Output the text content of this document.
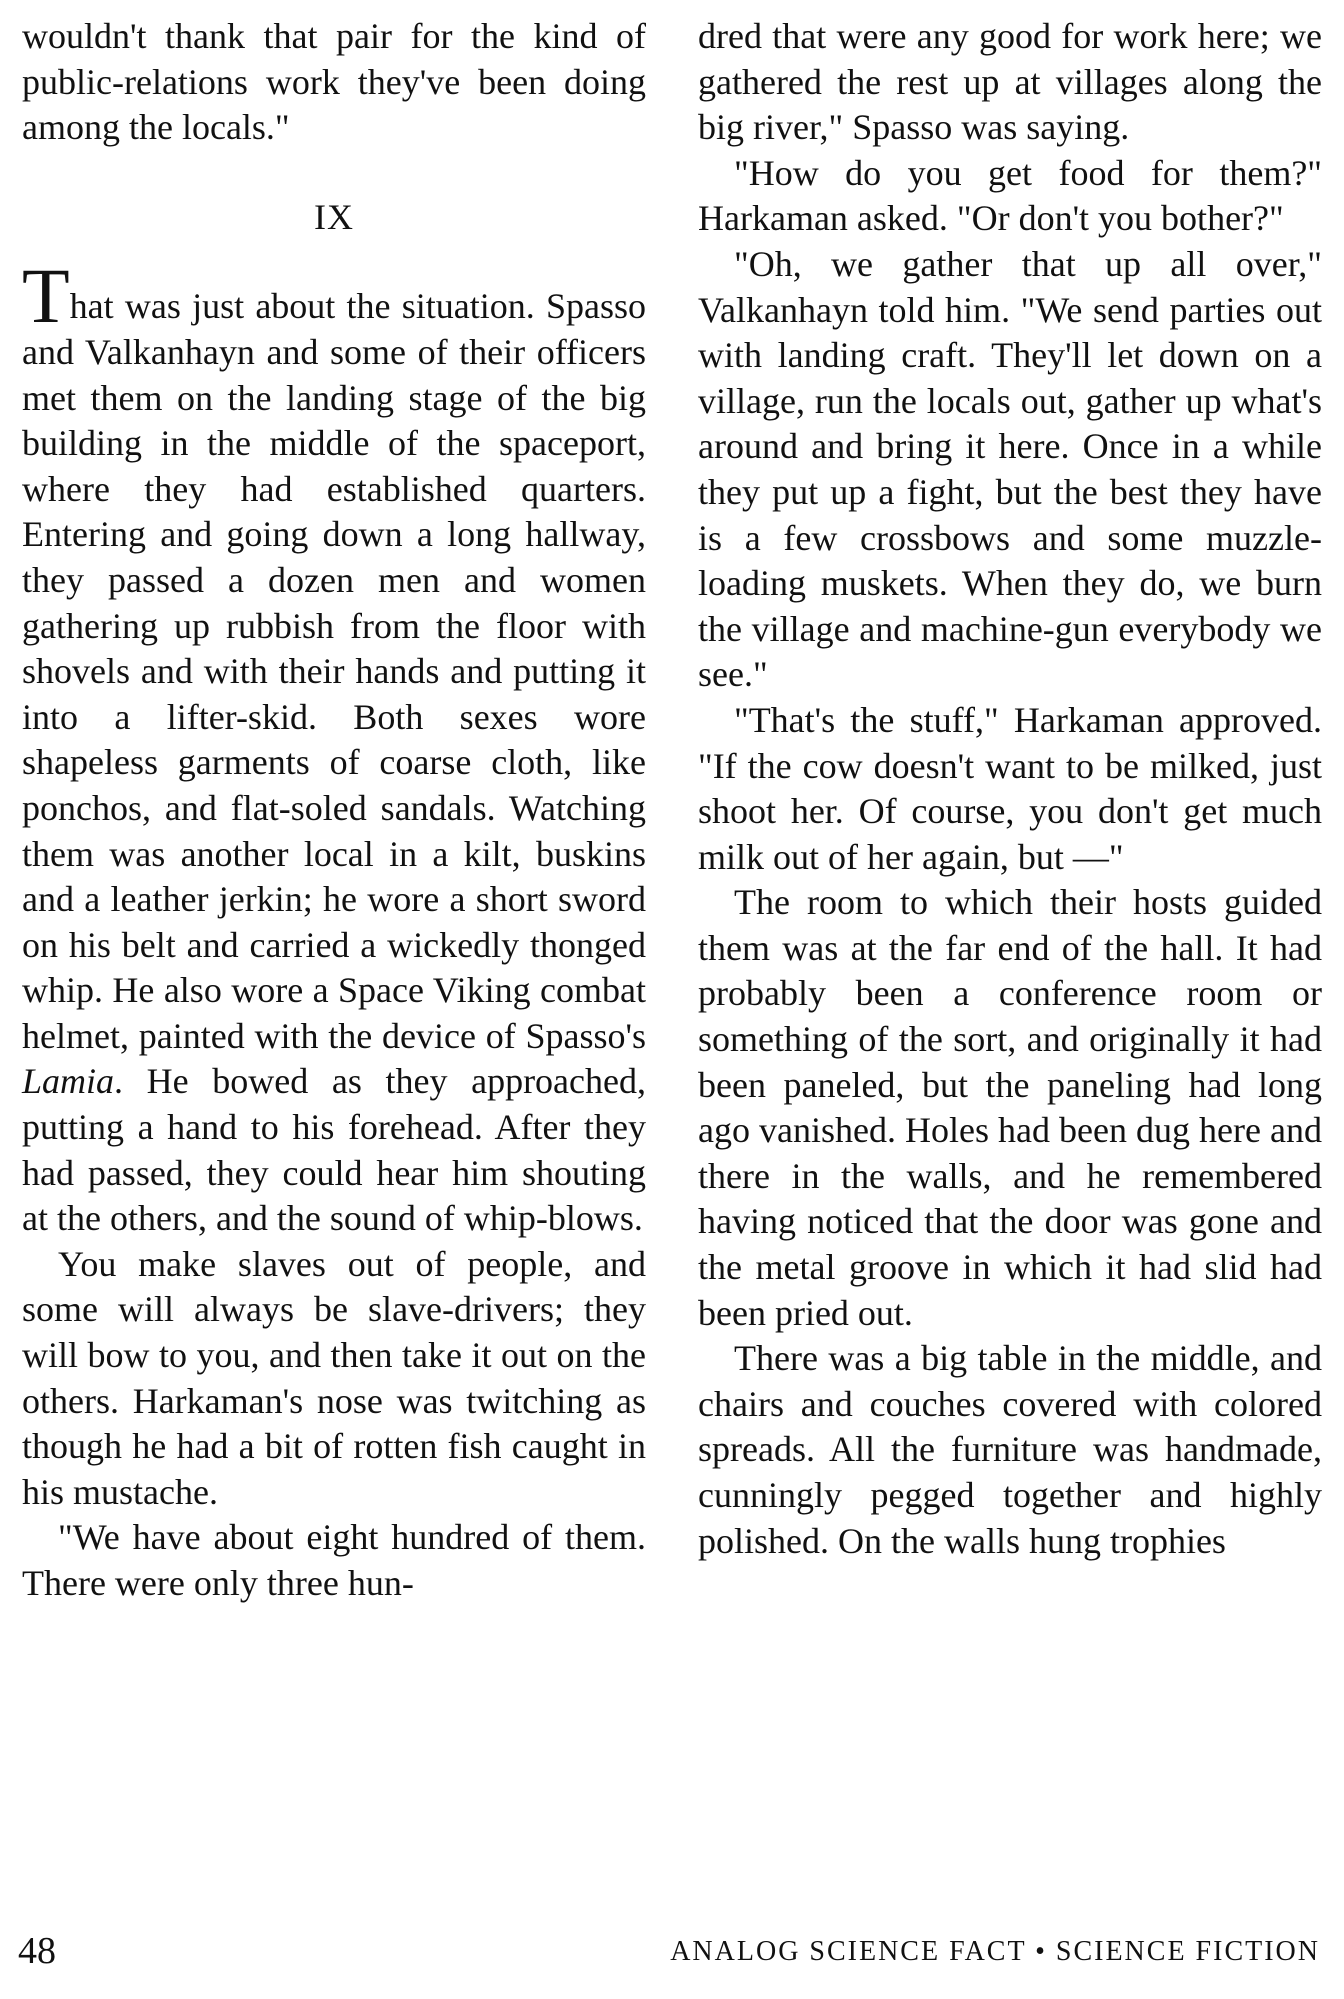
wouldn't thank that pair for the kind of public-relations work they've been doing among the locals."

IX

That was just about the situation. Spasso and Valkanhayn and some of their officers met them on the landing stage of the big building in the middle of the spaceport, where they had established quarters. Entering and going down a long hallway, they passed a dozen men and women gathering up rubbish from the floor with shovels and with their hands and putting it into a lifter-skid. Both sexes wore shapeless garments of coarse cloth, like ponchos, and flat-soled sandals. Watching them was another local in a kilt, buskins and a leather jerkin; he wore a short sword on his belt and carried a wickedly thonged whip. He also wore a Space Viking combat helmet, painted with the device of Spasso's Lamia. He bowed as they approached, putting a hand to his forehead. After they had passed, they could hear him shouting at the others, and the sound of whip-blows.

You make slaves out of people, and some will always be slave-drivers; they will bow to you, and then take it out on the others. Harkaman's nose was twitching as though he had a bit of rotten fish caught in his mustache.

"We have about eight hundred of them. There were only three hun-

dred that were any good for work here; we gathered the rest up at villages along the big river," Spasso was saying.

"How do you get food for them?" Harkaman asked. "Or don't you bother?"

"Oh, we gather that up all over," Valkanhayn told him. "We send parties out with landing craft. They'll let down on a village, run the locals out, gather up what's around and bring it here. Once in a while they put up a fight, but the best they have is a few crossbows and some muzzle-loading muskets. When they do, we burn the village and machine-gun everybody we see."

"That's the stuff," Harkaman approved. "If the cow doesn't want to be milked, just shoot her. Of course, you don't get much milk out of her again, but —"

The room to which their hosts guided them was at the far end of the hall. It had probably been a conference room or something of the sort, and originally it had been paneled, but the paneling had long ago vanished. Holes had been dug here and there in the walls, and he remembered having noticed that the door was gone and the metal groove in which it had slid had been pried out.

There was a big table in the middle, and chairs and couches covered with colored spreads. All the furniture was handmade, cunningly pegged together and highly polished. On the walls hung trophies

48	ANALOG SCIENCE FACT • SCIENCE FICTION
